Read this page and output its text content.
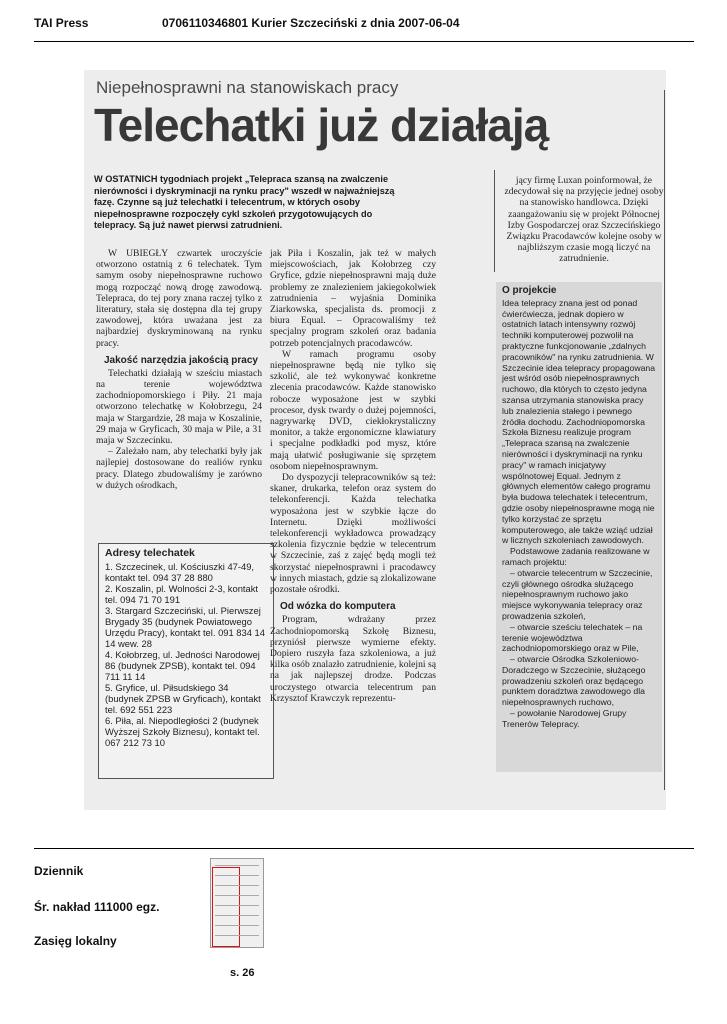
TAI Press	0706110346801 Kurier Szczeciński z dnia 2007-06-04
Niepełnosprawni na stanowiskach pracy
Telechatki już działają
W OSTATNICH tygodniach projekt „Telepraca szansą na zwalczenie nierówności i dyskryminacji na rynku pracy" wszedł w najważniejszą fazę. Czynne są już telechatki i telecentrum, w których osoby niepełnosprawne rozpoczęły cykl szkoleń przygotowujących do telepracy. Są już nawet pierwsi zatrudnieni.

W UBIEGŁY czwartek uroczyście otworzono ostatnią z 6 telechatek. Tym samym osoby niepełnosprawne ruchowo mogą rozpocząć nową drogę zawodową. Telepraca, do tej pory znana raczej tylko z literatury, stała się dostępna dla tej grupy zawodowej, która uważana jest za najbardziej dyskryminowaną na rynku pracy.

Jakość narzędzia jakością pracy

Telechatki działają w sześciu miastach na terenie województwa zachodniopomorskiego i Piły. 21 maja otworzono telechatkę w Kołobrzegu, 24 maja w Stargardzie, 28 maja w Koszalinie, 29 maja w Gryficach, 30 maja w Pile, a 31 maja w Szczecinku.

– Zależało nam, aby telechatki były jak najlepiej dostosowane do realiów rynku pracy. Dlatego zbudowaliśmy je zarówno w dużych ośrodkach,

Adresy telechatek

1. Szczecinek, ul. Kościuszki 47-49, kontakt tel. 094 37 28 880

2. Koszalin, pl. Wolności 2-3, kontakt tel. 094 71 70 191

3. Stargard Szczeciński, ul. Pierwszej Brygady 35 (budynek Powiatowego Urzędu Pracy), kontakt tel. 091 834 14 14 wew. 28

4. Kołobrzeg, ul. Jedności Narodowej 86 (budynek ZPSB), kontakt tel. 094 711 11 14

5. Gryfice, ul. Piłsudskiego 34 (budynek ZPSB w Gryficach), kontakt tel. 692 551 223

6. Piła, al. Niepodległości 2 (budynek Wyższej Szkoły Biznesu), kontakt tel. 067 212 73 10

jak Piła i Koszalin, jak też w małych miejscowościach, jak Kołobrzeg czy Gryfice, gdzie niepełnosprawni mają duże problemy ze znalezieniem jakiegokolwiek zatrudnienia – wyjaśnia Dominika Ziarkowska, specjalista ds. promocji z biura Equal. – Opracowaliśmy też specjalny program szkoleń oraz badania potrzeb potencjalnych pracodawców.

W ramach programu osoby niepełnosprawne będą nie tylko się szkolić, ale też wykonywać konkretne zlecenia pracodawców. Każde stanowisko robocze wyposażone jest w szybki procesor, dysk twardy o dużej pojemności, nagrywarkę DVD, ciekłokrystaliczny monitor, a także ergonomiczne klawiatury i specjalne podkładki pod mysz, które mają ułatwić posługiwanie się sprzętem osobom niepełnosprawnym.

Do dyspozycji telepracowników są też: skaner, drukarka, telefon oraz system do telekonferencji. Każda telechatka wyposażona jest w szybkie łącze do Internetu. Dzięki możliwości telekonferencji wykładowca prowadzący szkolenia fizycznie będzie w telecentrum w Szczecinie, zaś z zajęć będą mogli też skorzystać niepełnosprawni i pracodawcy w innych miastach, gdzie są zlokalizowane pozostałe ośrodki.

Od wózka do komputera

Program, wdrażany przez Zachodniopomorską Szkołę Biznesu, przyniósł pierwsze wymierne efekty. Dopiero ruszyła faza szkoleniowa, a już kilka osób znalazło zatrudnienie, kolejni są na jak najlepszej drodze. Podczas uroczystego otwarcia telecentrum pan Krzysztof Krawczyk reprezentu-

jący firmę Luxan poinformował, że zdecydował się na przyjęcie jednej osoby na stanowisko handlowca. Dzięki zaangażowaniu się w projekt Północnej Izby Gospodarczej oraz Szczecińskiego Związku Pracodawców kolejne osoby w najbliższym czasie mogą liczyć na zatrudnienie.

O projekcie

Idea telepracy znana jest od ponad ćwierćwiecza, jednak dopiero w ostatnich latach intensywny rozwój techniki komputerowej pozwolił na praktyczne funkcjonowanie „zdalnych pracowników" na rynku zatrudnienia. W Szczecinie idea telepracy propagowana jest wśród osób niepełnosprawnych ruchowo, dla których to często jedyna szansa utrzymania stanowiska pracy lub znalezienia stałego i pewnego źródła dochodu. Zachodniopomorska Szkoła Biznesu realizuje program „Telepraca szansą na zwalczenie nierówności i dyskryminacji na rynku pracy" w ramach inicjatywy wspólnotowej Equal. Jednym z głównych elementów całego programu była budowa telechatek i telecentrum, gdzie osoby niepełnosprawne mogą nie tylko korzystać ze sprzętu komputerowego, ale także wziąć udział w licznych szkoleniach zawodowych.

Podstawowe zadania realizowane w ramach projektu:

– otwarcie telecentrum w Szczecinie, czyli głównego ośrodka służącego niepełnosprawnym ruchowo jako miejsce wykonywania telepracy oraz prowadzenia szkoleń,

– otwarcie sześciu telechatek – na terenie województwa zachodniopomorskiego oraz w Pile,

– otwarcie Ośrodka Szkoleniowo-Doradczego w Szczecinie, służącego prowadzeniu szkoleń oraz będącego punktem doradztwa zawodowego dla niepełnosprawnych ruchowo,

– powołanie Narodowej Grupy Trenerów Telepracy.

Dziennik
Śr. nakład 111000 egz.
Zasięg lokalny
s. 26
